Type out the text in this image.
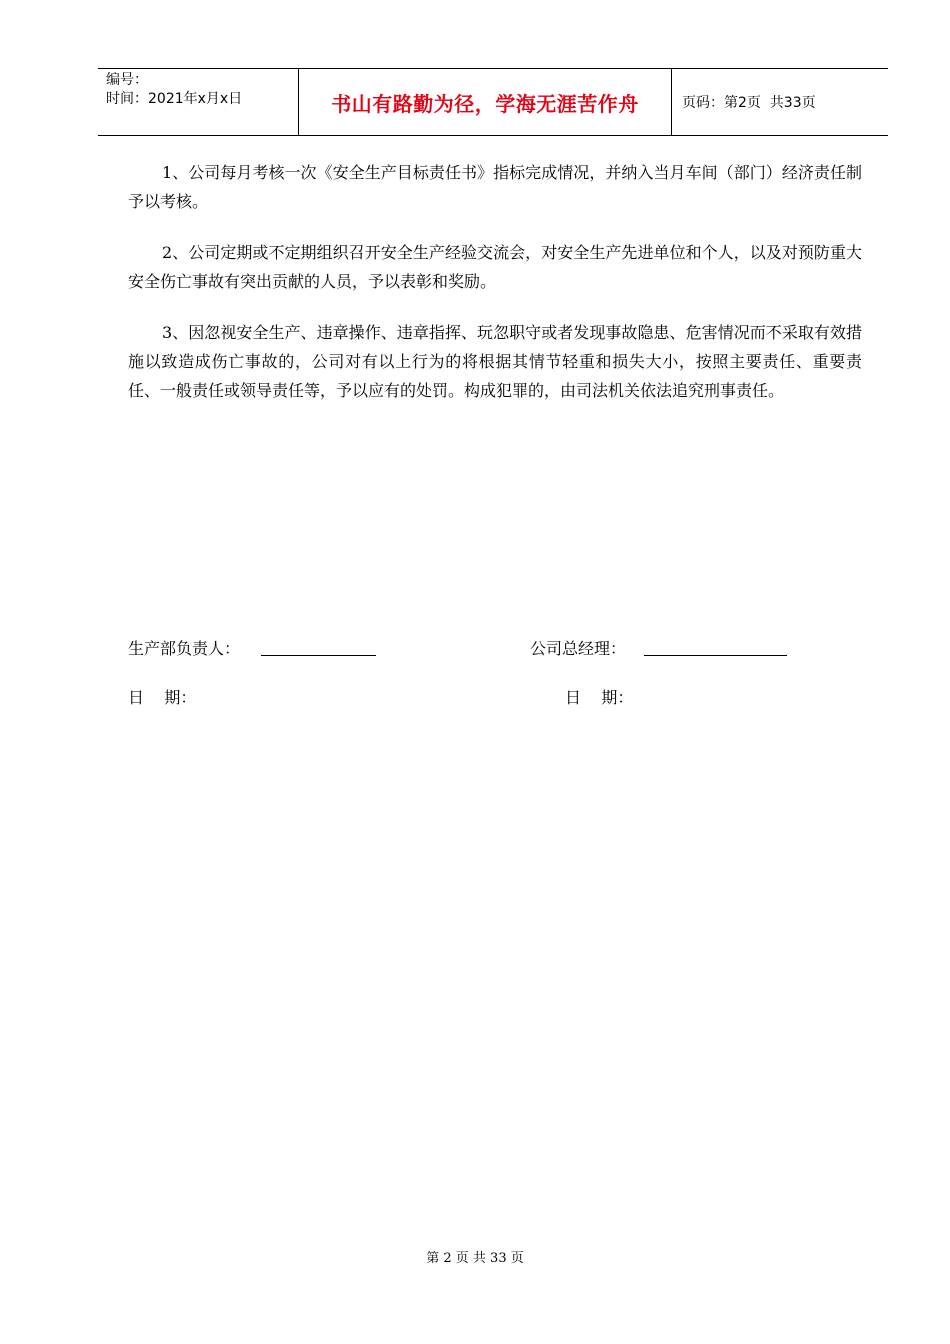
编号：
时间：2021年x月x日	书山有路勤为径，学海无涯苦作舟	页码：第2页  共33页

1、公司每月考核一次《安全生产目标责任书》指标完成情况，并纳入当月车间（部门）经济责任制予以考核。

2、公司定期或不定期组织召开安全生产经验交流会，对安全生产先进单位和个人，以及对预防重大安全伤亡事故有突出贡献的人员，予以表彰和奖励。

3、因忽视安全生产、违章操作、违章指挥、玩忽职守或者发现事故隐患、危害情况而不采取有效措施以致造成伤亡事故的，公司对有以上行为的将根据其情节轻重和损失大小，按照主要责任、重要责任、一般责任或领导责任等，予以应有的处罚。构成犯罪的，由司法机关依法追究刑事责任。

生产部负责人：	公司总经理：
日    期：	日    期：
第 2 页 共 33 页
